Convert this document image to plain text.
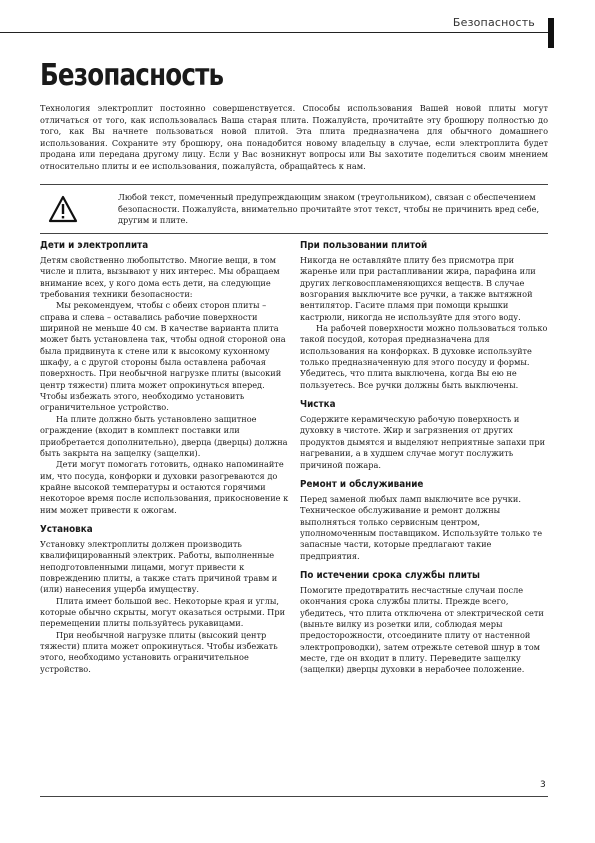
Безопасность
Безопасность

Технология электроплит постоянно совершенствуется. Способы использования Вашей новой плиты могут отличаться от того, как использовалась Ваша старая плита. Пожалуйста, прочитайте эту брошюру полностью до того, как Вы начнете пользоваться новой плитой. Эта плита предназначена для обычного домашнего использования. Сохраните эту брошюру, она понадобится новому владельцу в случае, если электроплита будет продана или передана другому лицу. Если у Вас возникнут вопросы или Вы захотите поделиться своим мнением относительно плиты и ее использования, пожалуйста, обращайтесь к нам.

Любой текст, помеченный предупреждающим знаком (треугольником), связан с обеспечением безопасности. Пожалуйста, внимательно прочитайте этот текст, чтобы не причинить вред себе, другим и плите.

Дети и электроплита

Детям свойственно любопытство. Многие вещи, в том числе и плита, вызывают у них интерес. Мы обращаем внимание всех, у кого дома есть дети, на следующие требования техники безопасности:

Мы рекомендуем, чтобы с обеих сторон плиты – справа и слева – оставались рабочие поверхности шириной не меньше 40 см. В качестве варианта плита может быть установлена так, чтобы одной стороной она была придвинута к стене или к высокому кухонному шкафу, а с другой стороны была оставлена рабочая поверхность. При необычной нагрузке плиты (высокий центр тяжести) плита может опрокинуться вперед. Чтобы избежать этого, необходимо установить ограничительное устройство.

На плите должно быть установлено защитное ограждение (входит в комплект поставки или приобретается дополнительно), дверца (дверцы) должна быть закрыта на защелку (защелки).

Дети могут помогать готовить, однако напоминайте им, что посуда, конфорки и духовки разогреваются до крайне высокой температуры и остаются горячими некоторое время после использования, прикосновение к ним может привести к ожогам.

Установка

Установку электроплиты должен производить квалифицированный электрик. Работы, выполненные неподготовленными лицами, могут привести к повреждению плиты, а также стать причиной травм и (или) нанесения ущерба имуществу.

Плита имеет большой вес. Некоторые края и углы, которые обычно скрыты, могут оказаться острыми. При перемещении плиты пользуйтесь рукавицами.

При необычной нагрузке плиты (высокий центр тяжести) плита может опрокинуться. Чтобы избежать этого, необходимо установить ограничительное устройство.

При пользовании плитой

Никогда не оставляйте плиту без присмотра при жаренье или при растапливании жира, парафина или других легковоспламеняющихся веществ. В случае возгорания выключите все ручки, а также вытяжной вентилятор. Гасите пламя при помощи крышки кастрюли, никогда не используйте для этого воду.

На рабочей поверхности можно пользоваться только такой посудой, которая предназначена для использования на конфорках. В духовке используйте только предназначенную для этого посуду и формы. Убедитесь, что плита выключена, когда Вы ею не пользуетесь. Все ручки должны быть выключены.

Чистка

Содержите керамическую рабочую поверхность и духовку в чистоте. Жир и загрязнения от других продуктов дымятся и выделяют неприятные запахи при нагревании, а в худшем случае могут послужить причиной пожара.

Ремонт и обслуживание

Перед заменой любых ламп выключите все ручки. Техническое обслуживание и ремонт должны выполняться только сервисным центром, уполномоченным поставщиком. Используйте только те запасные части, которые предлагают такие предприятия.

По истечении срока службы плиты

Помогите предотвратить несчастные случаи после окончания срока службы плиты. Прежде всего, убедитесь, что плита отключена от электрической сети (выньте вилку из розетки или, соблюдая меры предосторожности, отсоедините плиту от настенной электропроводки), затем отрежьте сетевой шнур в том месте, где он входит в плиту. Переведите защелку (защелки) дверцы духовки в нерабочее положение.

3
